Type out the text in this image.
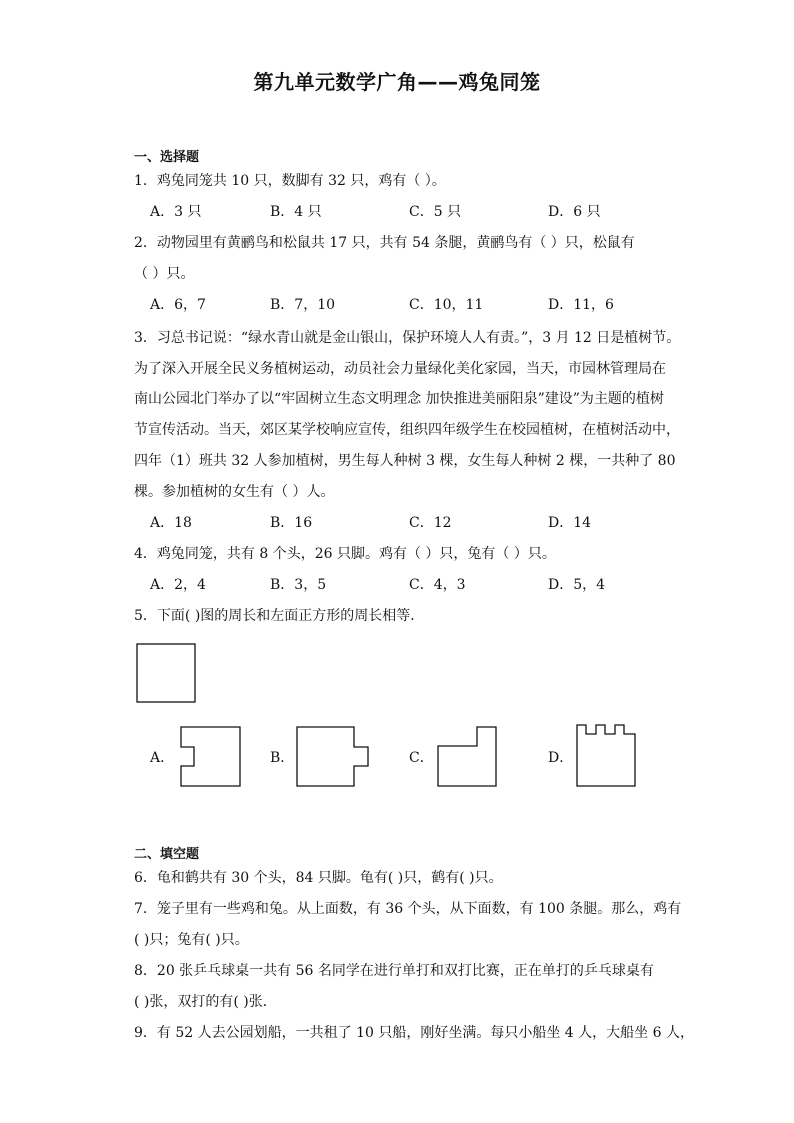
第九单元数学广角——鸡兔同笼
一、选择题
1．鸡兔同笼共 10 只，数脚有 32 只，鸡有（ ）。
A．3 只	B．4 只	C．5 只	D．6 只
2．动物园里有黄鹂鸟和松鼠共 17 只，共有 54 条腿，黄鹂鸟有（ ）只，松鼠有
（ ）只。
A．6，7	B．7，10	C．10，11	D．11，6
3．习总书记说：“绿水青山就是金山银山，保护环境人人有责。”，3 月 12 日是植树节。
为了深入开展全民义务植树运动，动员社会力量绿化美化家园，当天，市园林管理局在
南山公园北门举办了以“牢固树立生态文明理念 加快推进美丽阳泉”建设”为主题的植树
节宣传活动。当天，郊区某学校响应宣传，组织四年级学生在校园植树，在植树活动中，
四年（1）班共 32 人参加植树，男生每人种树 3 棵，女生每人种树 2 棵，一共种了 80
棵。参加植树的女生有（ ）人。
A．18	B．16	C．12	D．14
4．鸡兔同笼，共有 8 个头，26 只脚。鸡有（ ）只，兔有（ ）只。
A．2，4	B．3，5	C．4，3	D．5，4
5．下面( )图的周长和左面正方形的周长相等．
A．	B．	C．	D．
二、填空题
6．龟和鹤共有 30 个头，84 只脚。龟有( )只，鹤有( )只。
7．笼子里有一些鸡和兔。从上面数，有 36 个头，从下面数，有 100 条腿。那么，鸡有
( )只；兔有( )只。
8．20 张乒乓球桌一共有 56 名同学在进行单打和双打比赛，正在单打的乒乓球桌有
( )张，双打的有( )张．
9．有 52 人去公园划船，一共租了 10 只船，刚好坐满。每只小船坐 4 人，大船坐 6 人，
